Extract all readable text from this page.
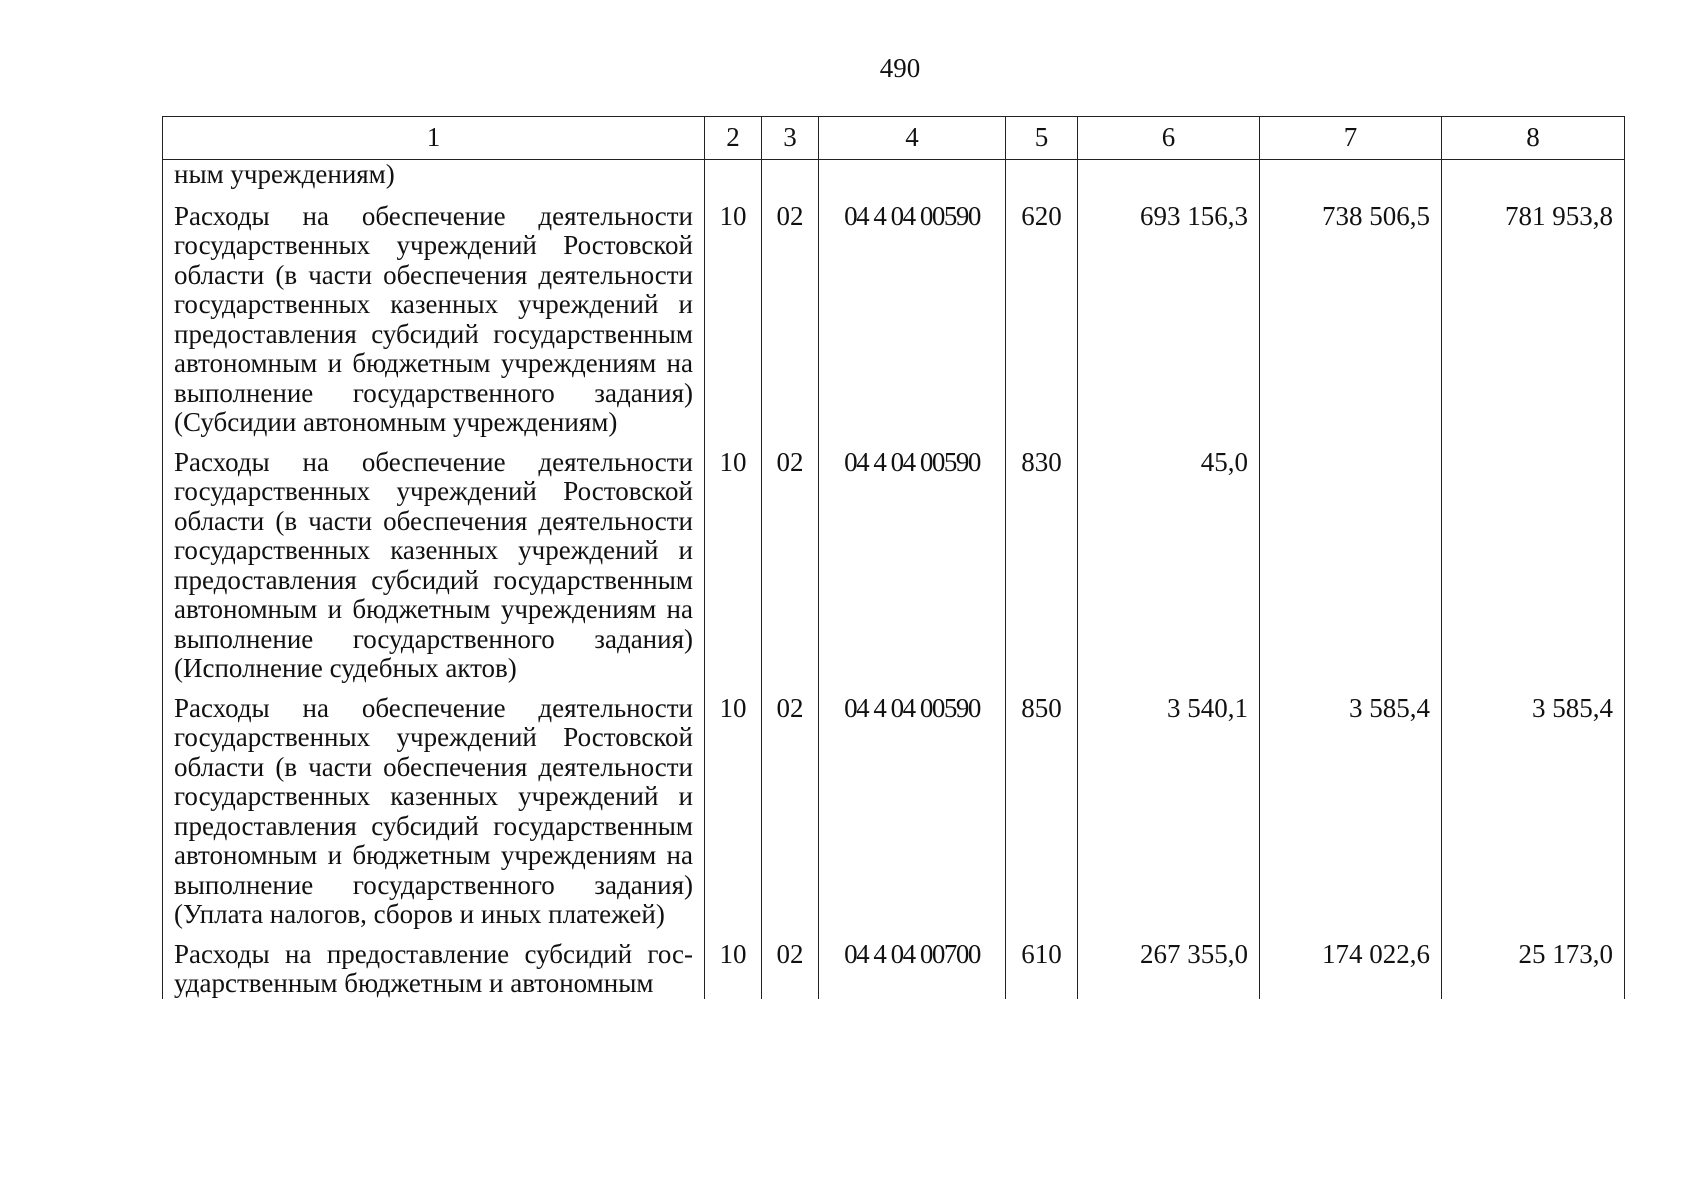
490
1	2	3	4	5	6	7	8
ным учреждениям)							
Расходы на обеспечение деятельности государственных учреждений Ростовской области (в части обеспечения деятельности государственных казенных учреждений и предоставления субсидий государственным автономным и бюджетным учреждениям на выполнение государственного задания) (Субсидии автономным учреждениям)	10	02	04 4 04 00590	620	693 156,3	738 506,5	781 953,8
Расходы на обеспечение деятельности государственных учреждений Ростовской области (в части обеспечения деятельности государственных казенных учреждений и предоставления субсидий государственным автономным и бюджетным учреждениям на выполнение государственного задания) (Исполнение судебных актов)	10	02	04 4 04 00590	830	45,0		
Расходы на обеспечение деятельности государственных учреждений Ростовской области (в части обеспечения деятельности государственных казенных учреждений и предоставления субсидий государственным автономным и бюджетным учреждениям на выполнение государственного задания) (Уплата налогов, сборов и иных платежей)	10	02	04 4 04 00590	850	3 540,1	3 585,4	3 585,4
Расходы на предоставление субсидий государственным бюджетным и автономным	10	02	04 4 04 00700	610	267 355,0	174 022,6	25 173,0
